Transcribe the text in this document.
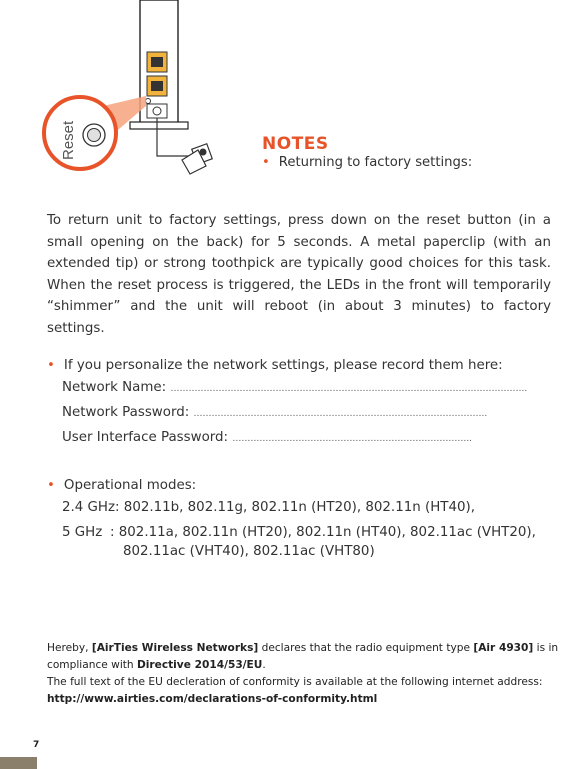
Reset	NOTES
• Returning to factory settings:
To return unit to factory settings, press down on the reset button (in a small opening on the back) for 5 seconds. A metal paperclip (with an extended tip) or strong toothpick are typically good choices for this task. When the reset process is triggered, the LEDs in the front will temporarily “shimmer” and the unit will reboot (in about 3 minutes) to factory settings.
• If you personalize the network settings, please record them here:
Network Name: ………………………………………………………………………………………………………..
Network Password: ……………………………………………………………………………………..
User Interface Password: ……………………………………………………………………..
• Operational modes:
2.4 GHz: 802.11b, 802.11g, 802.11n (HT20), 802.11n (HT40),
5 GHz : 802.11a, 802.11n (HT20), 802.11n (HT40), 802.11ac (VHT20),
802.11ac (VHT40), 802.11ac (VHT80)
Hereby, [AirTies Wireless Networks] declares that the radio equipment type [Air 4930] is in compliance with Directive 2014/53/EU.
The full text of the EU decleration of conformity is available at the following internet address:
http://www.airties.com/declarations-of-conformity.html
7
